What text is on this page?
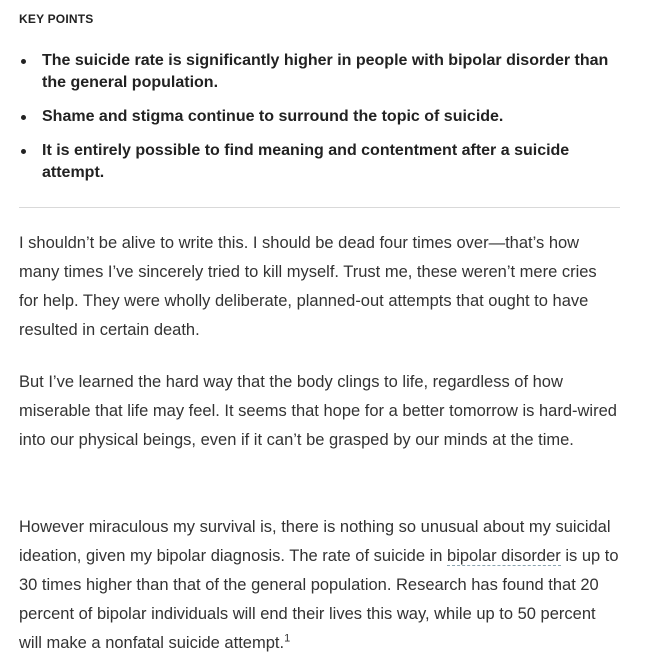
KEY POINTS
The suicide rate is significantly higher in people with bipolar disorder than the general population.
Shame and stigma continue to surround the topic of suicide.
It is entirely possible to find meaning and contentment after a suicide attempt.

I shouldn’t be alive to write this. I should be dead four times over—that’s how many times I’ve sincerely tried to kill myself. Trust me, these weren’t mere cries for help. They were wholly deliberate, planned-out attempts that ought to have resulted in certain death.

But I’ve learned the hard way that the body clings to life, regardless of how miserable that life may feel. It seems that hope for a better tomorrow is hard-wired into our physical beings, even if it can’t be grasped by our minds at the time.

However miraculous my survival is, there is nothing so unusual about my suicidal ideation, given my bipolar diagnosis. The rate of suicide in bipolar disorder is up to 30 times higher than that of the general population. Research has found that 20 percent of bipolar individuals will end their lives this way, while up to 50 percent will make a nonfatal suicide attempt.$^1$
